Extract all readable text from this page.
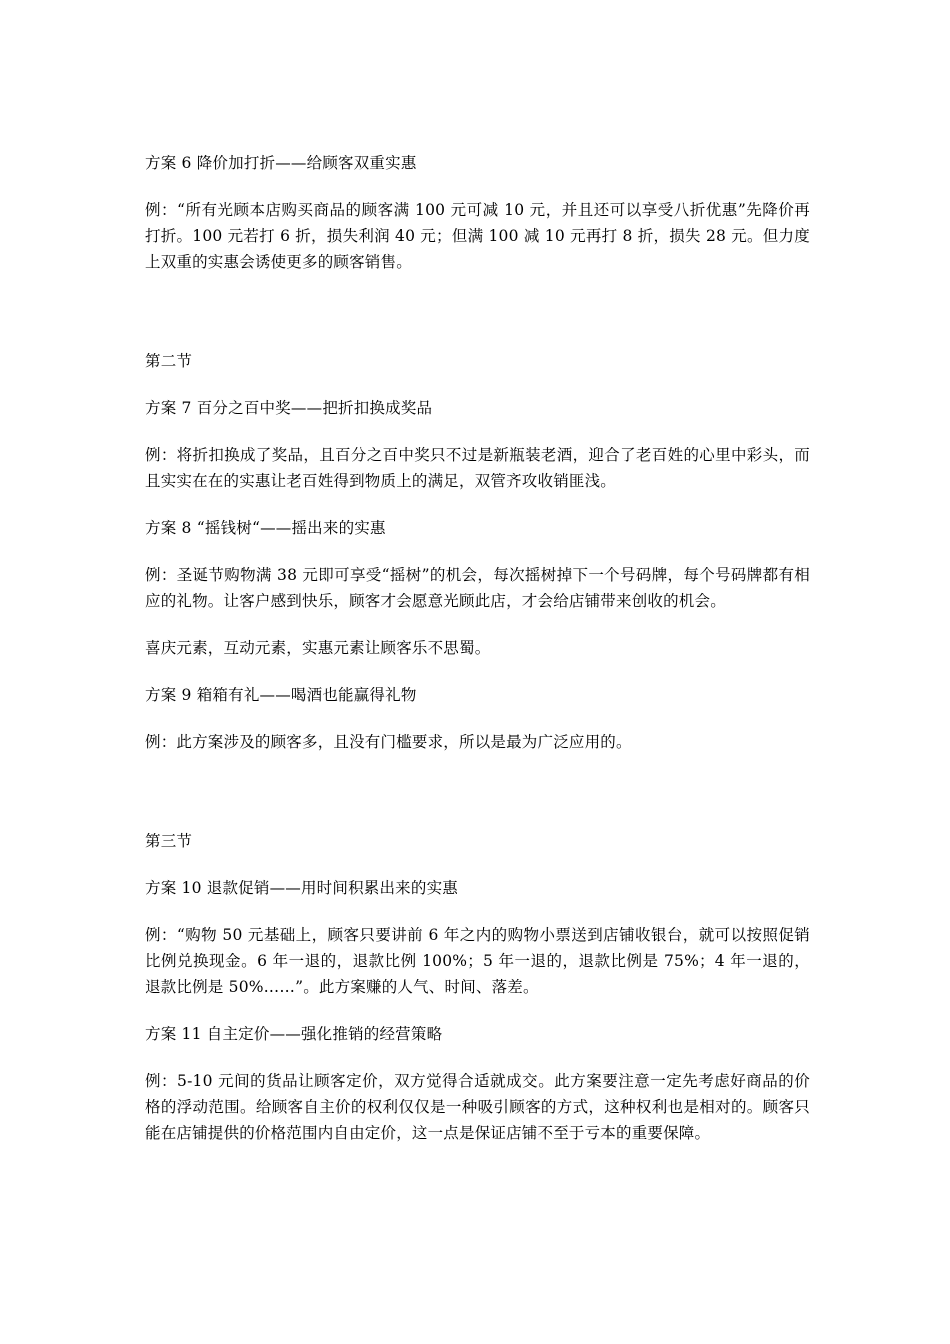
方案 6 降价加打折——给顾客双重实惠

例：“所有光顾本店购买商品的顾客满 100 元可减 10 元，并且还可以享受八折优惠”先降价再打折。100 元若打 6 折，损失利润 40 元；但满 100 减 10 元再打 8 折，损失 28 元。但力度上双重的实惠会诱使更多的顾客销售。

第二节

方案 7 百分之百中奖——把折扣换成奖品

例：将折扣换成了奖品，且百分之百中奖只不过是新瓶装老酒，迎合了老百姓的心里中彩头，而且实实在在的实惠让老百姓得到物质上的满足，双管齐攻收销匪浅。

方案 8 “摇钱树“——摇出来的实惠

例：圣诞节购物满 38 元即可享受“摇树”的机会，每次摇树掉下一个号码牌，每个号码牌都有相应的礼物。让客户感到快乐，顾客才会愿意光顾此店，才会给店铺带来创收的机会。

喜庆元素，互动元素，实惠元素让顾客乐不思蜀。

方案 9 箱箱有礼——喝酒也能赢得礼物

例：此方案涉及的顾客多，且没有门槛要求，所以是最为广泛应用的。

第三节

方案 10 退款促销——用时间积累出来的实惠

例：“购物 50 元基础上，顾客只要讲前 6 年之内的购物小票送到店铺收银台，就可以按照促销比例兑换现金。6 年一退的，退款比例 100%；5 年一退的，退款比例是 75%；4 年一退的，退款比例是 50%……”。此方案赚的人气、时间、落差。

方案 11 自主定价——强化推销的经营策略

例：5-10 元间的货品让顾客定价，双方觉得合适就成交。此方案要注意一定先考虑好商品的价格的浮动范围。给顾客自主价的权利仅仅是一种吸引顾客的方式，这种权利也是相对的。顾客只能在店铺提供的价格范围内自由定价，这一点是保证店铺不至于亏本的重要保障。
